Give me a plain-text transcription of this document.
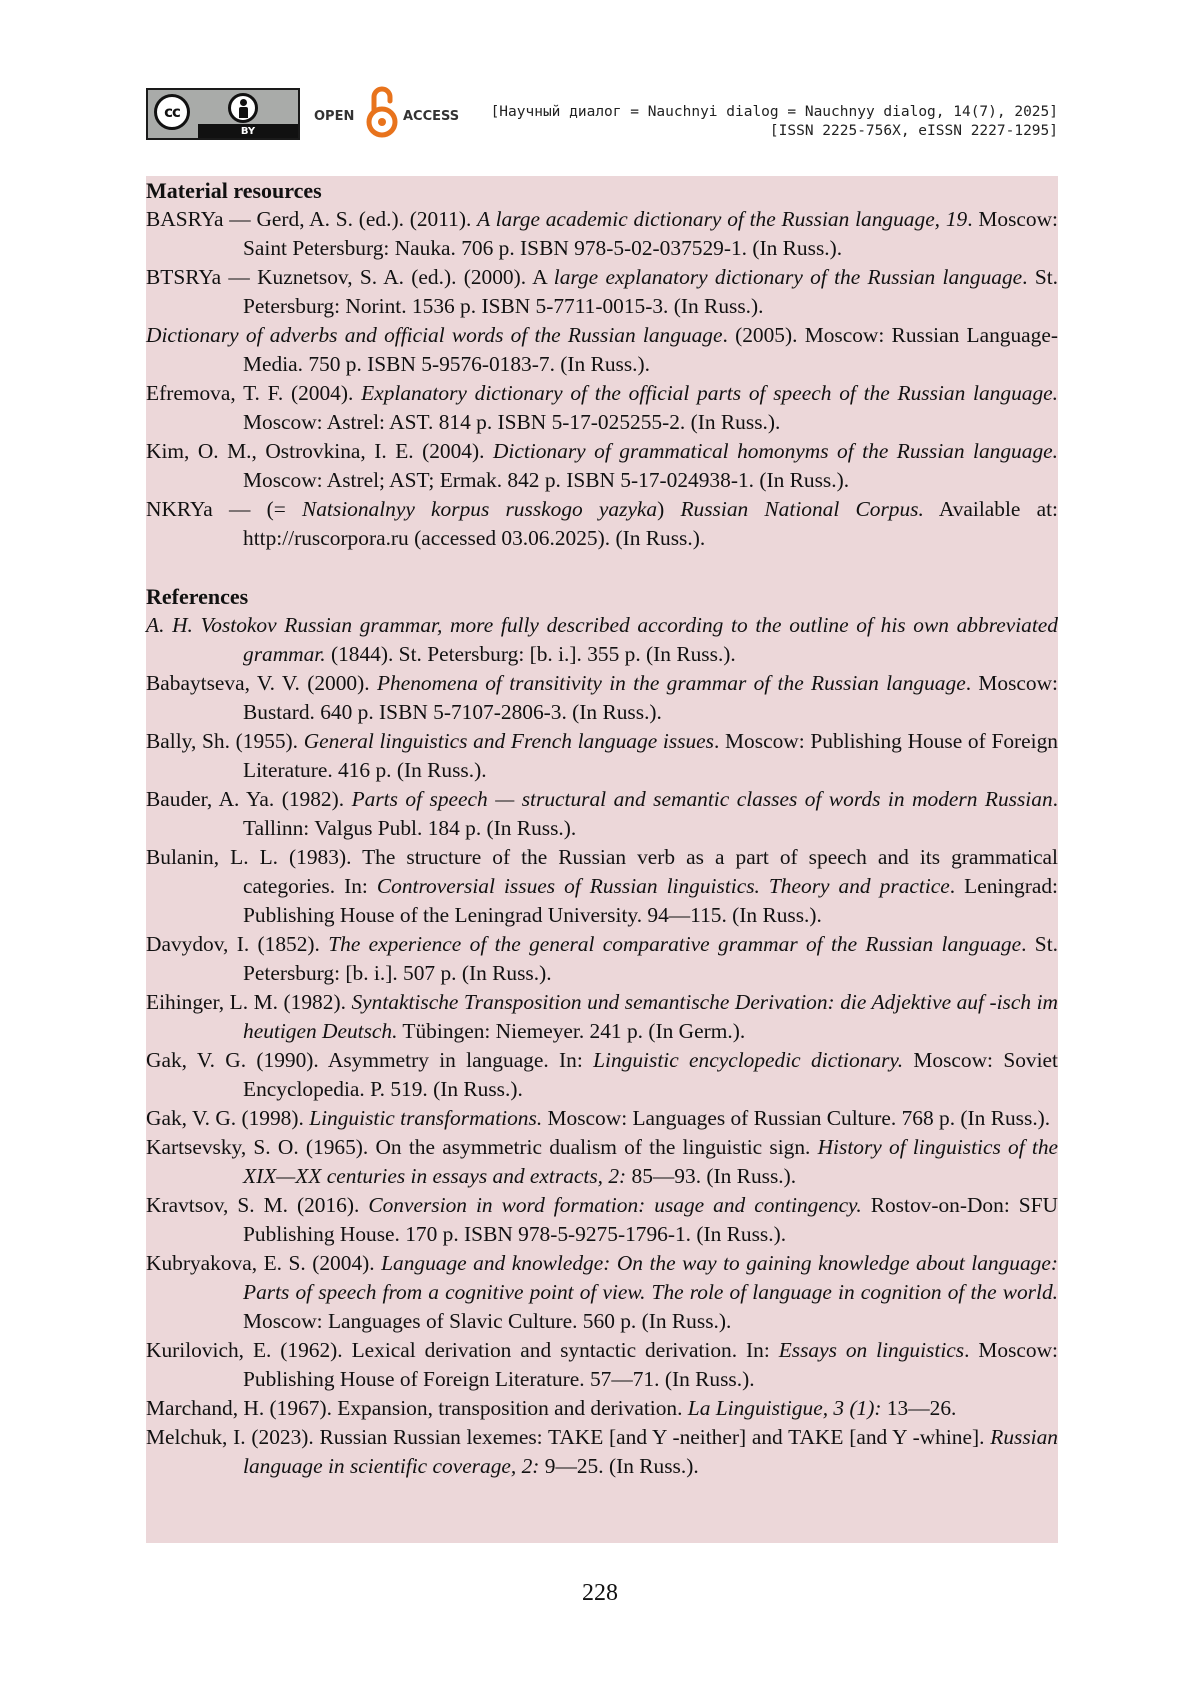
cc
BY
OPEN	ACCESS [Научный диалог = Nauchnyi dialog = Nauchnyy dialog, 14(7), 2025]
[ISSN 2225-756X, eISSN 2227-1295]

Material resources

BASRYa — Gerd, A. S. (ed.). (2011). A large academic dictionary of the Russian language, 19. Moscow: Saint Petersburg: Nauka. 706 p. ISBN 978-5-02-037529-1. (In Russ.).

BTSRYa — Kuznetsov, S. A. (ed.). (2000). A large explanatory dictionary of the Russian language. St. Petersburg: Norint. 1536 p. ISBN 5-7711-0015-3. (In Russ.).

Dictionary of adverbs and official words of the Russian language. (2005). Moscow: Russian Language-Media. 750 p. ISBN 5-9576-0183-7. (In Russ.).

Efremova, T. F. (2004). Explanatory dictionary of the official parts of speech of the Russian language. Moscow: Astrel: AST. 814 p. ISBN 5-17-025255-2. (In Russ.).

Kim, O. M., Ostrovkina, I. E. (2004). Dictionary of grammatical homonyms of the Russian language. Moscow: Astrel; AST; Ermak. 842 p. ISBN 5-17-024938-1. (In Russ.).

NKRYa — (= Natsionalnyy korpus russkogo yazyka) Russian National Corpus. Available at: http://ruscorpora.ru (accessed 03.06.2025). (In Russ.).

References

A. H. Vostokov Russian grammar, more fully described according to the outline of his own abbreviated grammar. (1844). St. Petersburg: [b. i.]. 355 p. (In Russ.).

Babaytseva, V. V. (2000). Phenomena of transitivity in the grammar of the Russian language. Moscow: Bustard. 640 p. ISBN 5-7107-2806-3. (In Russ.).

Bally, Sh. (1955). General linguistics and French language issues. Moscow: Publishing House of Foreign Literature. 416 p. (In Russ.).

Bauder, A. Ya. (1982). Parts of speech — structural and semantic classes of words in modern Russian. Tallinn: Valgus Publ. 184 p. (In Russ.).

Bulanin, L. L. (1983). The structure of the Russian verb as a part of speech and its grammatical categories. In: Controversial issues of Russian linguistics. Theory and practice. Leningrad: Publishing House of the Leningrad University. 94—115. (In Russ.).

Davydov, I. (1852). The experience of the general comparative grammar of the Russian language. St. Petersburg: [b. i.]. 507 p. (In Russ.).

Eihinger, L. M. (1982). Syntaktische Transposition und semantische Derivation: die Adjektive auf -isch im heutigen Deutsch. Tübingen: Niemeyer. 241 p. (In Germ.).

Gak, V. G. (1990). Asymmetry in language. In: Linguistic encyclopedic dictionary. Moscow: Soviet Encyclopedia. P. 519. (In Russ.).

Gak, V. G. (1998). Linguistic transformations. Moscow: Languages of Russian Culture. 768 p. (In Russ.).

Kartsevsky, S. O. (1965). On the asymmetric dualism of the linguistic sign. History of linguistics of the XIX—XX centuries in essays and extracts, 2: 85—93. (In Russ.).

Kravtsov, S. M. (2016). Conversion in word formation: usage and contingency. Rostov-on-Don: SFU Publishing House. 170 p. ISBN 978-5-9275-1796-1. (In Russ.).

Kubryakova, E. S. (2004). Language and knowledge: On the way to gaining knowledge about language: Parts of speech from a cognitive point of view. The role of language in cognition of the world. Moscow: Languages of Slavic Culture. 560 p. (In Russ.).

Kurilovich, E. (1962). Lexical derivation and syntactic derivation. In: Essays on linguistics. Moscow: Publishing House of Foreign Literature. 57—71. (In Russ.).

Marchand, H. (1967). Expansion, transposition and derivation. La Linguistigue, 3 (1): 13—26.

Melchuk, I. (2023). Russian Russian lexemes: TAKE [and Y -neither] and TAKE [and Y -whine]. Russian language in scientific coverage, 2: 9—25. (In Russ.).

228
